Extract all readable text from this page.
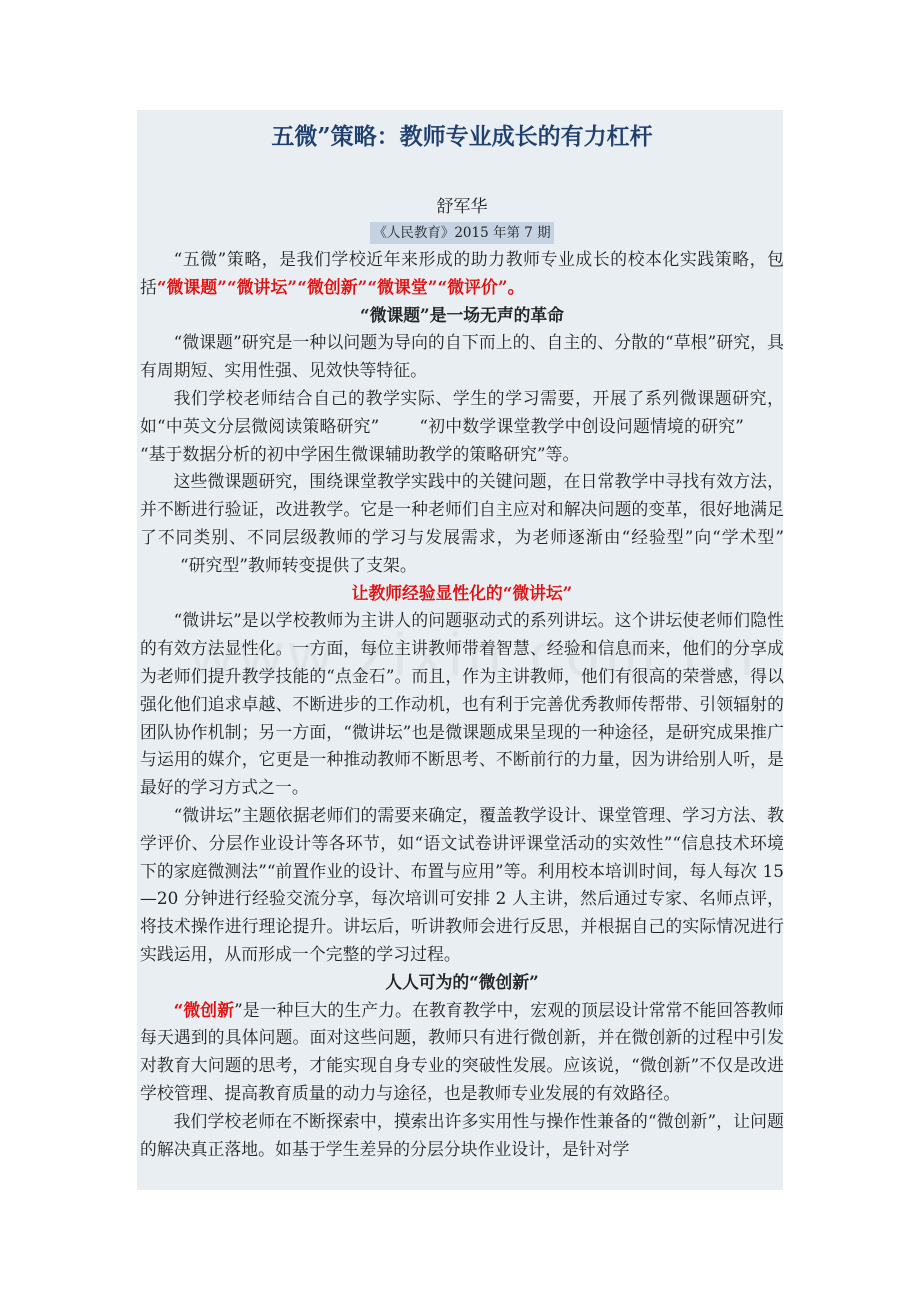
五微”策略：教师专业成长的有力杠杆
舒军华
《人民教育》2015 年第 7 期

“五微”策略，是我们学校近年来形成的助力教师专业成长的校本化实践策略，包括“微课题”“微讲坛”“微创新”“微课堂”“微评价”。

“微课题”是一场无声的革命

“微课题”研究是一种以问题为导向的自下而上的、自主的、分散的“草根”研究，具有周期短、实用性强、见效快等特征。

我们学校老师结合自己的教学实际、学生的学习需要，开展了系列微课题研究，如“中英文分层微阅读策略研究” “初中数学课堂教学中创设问题情境的研究”“基于数据分析的初中学困生微课辅助教学的策略研究”等。

这些微课题研究，围绕课堂教学实践中的关键问题，在日常教学中寻找有效方法，并不断进行验证，改进教学。它是一种老师们自主应对和解决问题的变革，很好地满足了不同类别、不同层级教师的学习与发展需求，为老师逐渐由“经验型”向“学术型”“研究型”教师转变提供了支架。

让教师经验显性化的“微讲坛”

“微讲坛”是以学校教师为主讲人的问题驱动式的系列讲坛。这个讲坛使老师们隐性的有效方法显性化。一方面，每位主讲教师带着智慧、经验和信息而来，他们的分享成为老师们提升教学技能的“点金石”。而且，作为主讲教师，他们有很高的荣誉感，得以强化他们追求卓越、不断进步的工作动机，也有利于完善优秀教师传帮带、引领辐射的团队协作机制；另一方面，“微讲坛”也是微课题成果呈现的一种途径，是研究成果推广与运用的媒介，它更是一种推动教师不断思考、不断前行的力量，因为讲给别人听，是最好的学习方式之一。

“微讲坛”主题依据老师们的需要来确定，覆盖教学设计、课堂管理、学习方法、教学评价、分层作业设计等各环节，如“语文试卷讲评课堂活动的实效性”“信息技术环境下的家庭微测法”“前置作业的设计、布置与应用”等。利用校本培训时间，每人每次 15—20 分钟进行经验交流分享，每次培训可安排 2 人主讲，然后通过专家、名师点评，将技术操作进行理论提升。讲坛后，听讲教师会进行反思，并根据自己的实际情况进行实践运用，从而形成一个完整的学习过程。

人人可为的“微创新”

“微创新”是一种巨大的生产力。在教育教学中，宏观的顶层设计常常不能回答教师每天遇到的具体问题。面对这些问题，教师只有进行微创新，并在微创新的过程中引发对教育大问题的思考，才能实现自身专业的突破性发展。应该说，“微创新”不仅是改进学校管理、提高教育质量的动力与途径，也是教师专业发展的有效路径。

我们学校老师在不断探索中，摸索出许多实用性与操作性兼备的“微创新”，让问题的解决真正落地。如基于学生差异的分层分块作业设计，是针对学
